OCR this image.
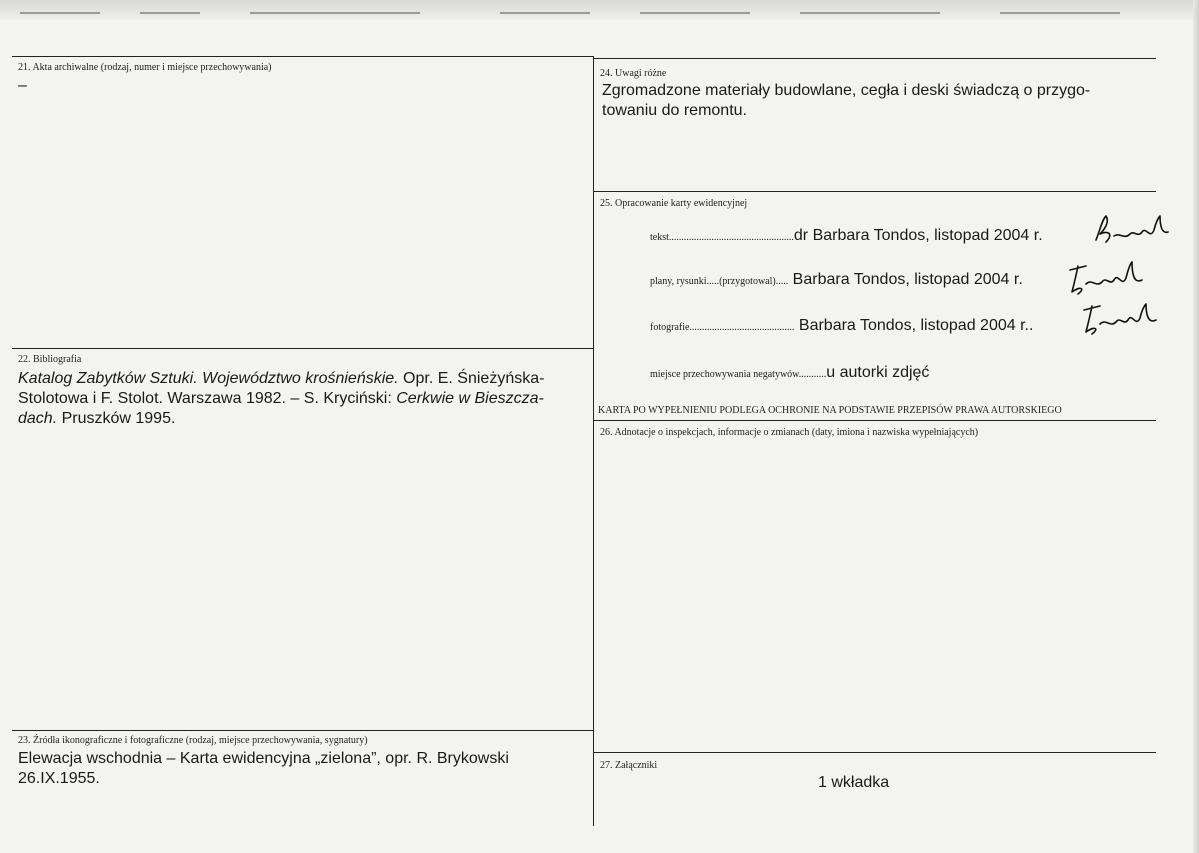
21. Akta archiwalne (rodzaj, numer i miejsce przechowywania)
–
22. Bibliografia
Katalog Zabytków Sztuki. Województwo krośnieńskie. Opr. E. Śnieżyńska-
Stolotowa i F. Stolot. Warszawa 1982. – S. Kryciński: Cerkwie w Bieszcza-
dach. Pruszków 1995.
23. Źródła ikonograficzne i fotograficzne (rodzaj, miejsce przechowywania, sygnatury)
Elewacja wschodnia – Karta ewidencyjna „zielona”, opr. R. Brykowski
26.IX.1955.
24. Uwagi różne
Zgromadzone materiały budowlane, cegła i deski świadczą o przygo-
towaniu do remontu.
25. Opracowanie karty ewidencyjnej
tekst..................................................dr Barbara Tondos, listopad 2004 r.
plany, rysunki.....(przygotowal)..... Barbara Tondos, listopad 2004 r.
fotografie.......................................... Barbara Tondos, listopad 2004 r..
miejsce przechowywania negatywów...........u autorki zdjęć
KARTA PO WYPEŁNIENIU PODLEGA OCHRONIE NA PODSTAWIE PRZEPISÓW PRAWA AUTORSKIEGO
26. Adnotacje o inspekcjach, informacje o zmianach (daty, imiona i nazwiska wypełniających)
27. Załączniki
1 wkładka
